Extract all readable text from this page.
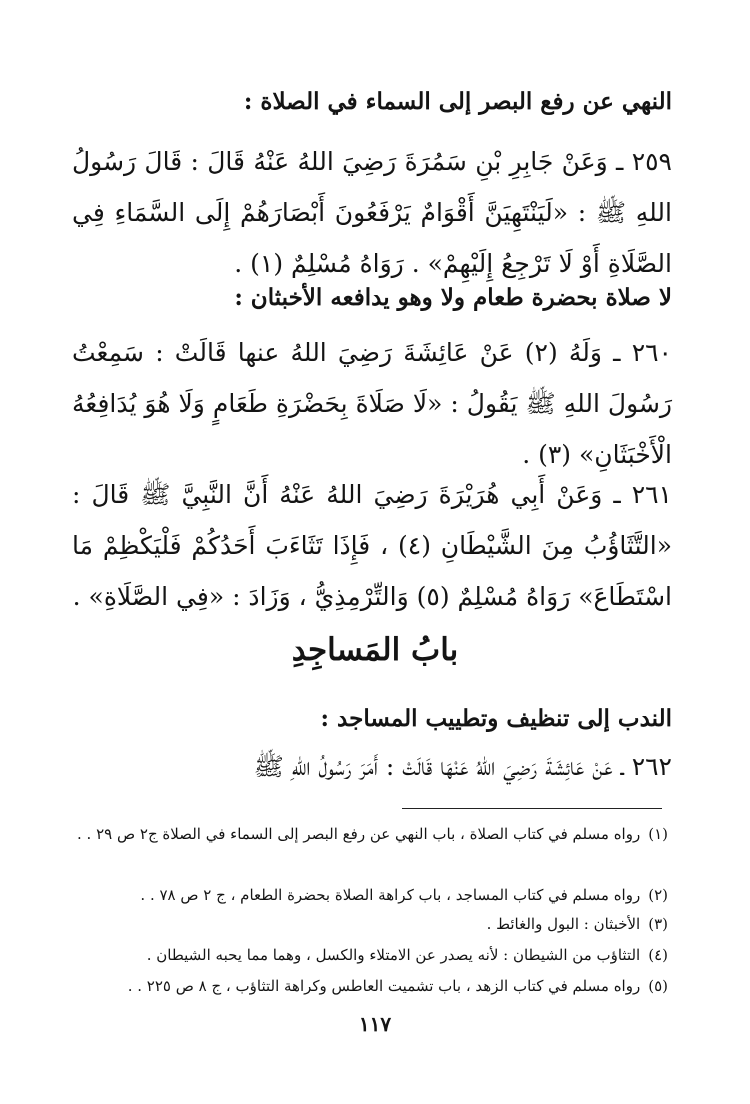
النهي عن رفع البصر إلى السماء في الصلاة :
٢٥٩ ـ وَعَنْ جَابِرِ بْنِ سَمُرَةَ رَضِيَ اللهُ عَنْهُ قَالَ : قَالَ رَسُولُ اللهِ ﷺ : «لَيَنْتَهِيَنَّ أَقْوَامٌ يَرْفَعُونَ أَبْصَارَهُمْ إِلَى السَّمَاءِ فِي الصَّلَاةِ أَوْ لَا تَرْجِعُ إِلَيْهِمْ» . رَوَاهُ مُسْلِمٌ (١) .
لا صلاة بحضرة طعام ولا وهو يدافعه الأخبثان :
٢٦٠ ـ وَلَهُ (٢) عَنْ عَائِشَةَ رَضِيَ اللهُ عنها قَالَتْ : سَمِعْتُ رَسُولَ اللهِ ﷺ يَقُولُ : «لَا صَلَاةَ بِحَضْرَةِ طَعَامٍ وَلَا هُوَ يُدَافِعُهُ الْأَخْبَثَانِ» (٣) .
٢٦١ ـ وَعَنْ أَبِي هُرَيْرَةَ رَضِيَ اللهُ عَنْهُ أَنَّ النَّبِيَّ ﷺ قَالَ : «التَّثَاؤُبُ مِنَ الشَّيْطَانِ (٤) ، فَإِذَا تَثَاءَبَ أَحَدُكُمْ فَلْيَكْظِمْ مَا اسْتَطَاعَ» رَوَاهُ مُسْلِمٌ (٥) وَالتِّرْمِذِيُّ ، وَزَادَ : «فِي الصَّلَاةِ» .
بابُ المَساجِدِ
الندب إلى تنظيف وتطييب المساجد :
٢٦٢ ـ عَنْ عَائِشَةَ رَضِيَ اللهُ عَنْهَا قَالَتْ : أَمَرَ رَسُولُ اللهِ ﷺ
(١)رواه مسلم في كتاب الصلاة ، باب النهي عن رفع البصر إلى السماء في الصلاة ج٢ ص ٢٩ . .
(٢)رواه مسلم في كتاب المساجد ، باب كراهة الصلاة بحضرة الطعام ، ج ٢ ص ٧٨ . .
(٣)الأخبثان : البول والغائط .
(٤)التثاؤب من الشيطان : لأنه يصدر عن الامتلاء والكسل ، وهما مما يحبه الشيطان .
(٥)رواه مسلم في كتاب الزهد ، باب تشميت العاطس وكراهة التثاؤب ، ج ٨ ص ٢٢٥ . .
١١٧
